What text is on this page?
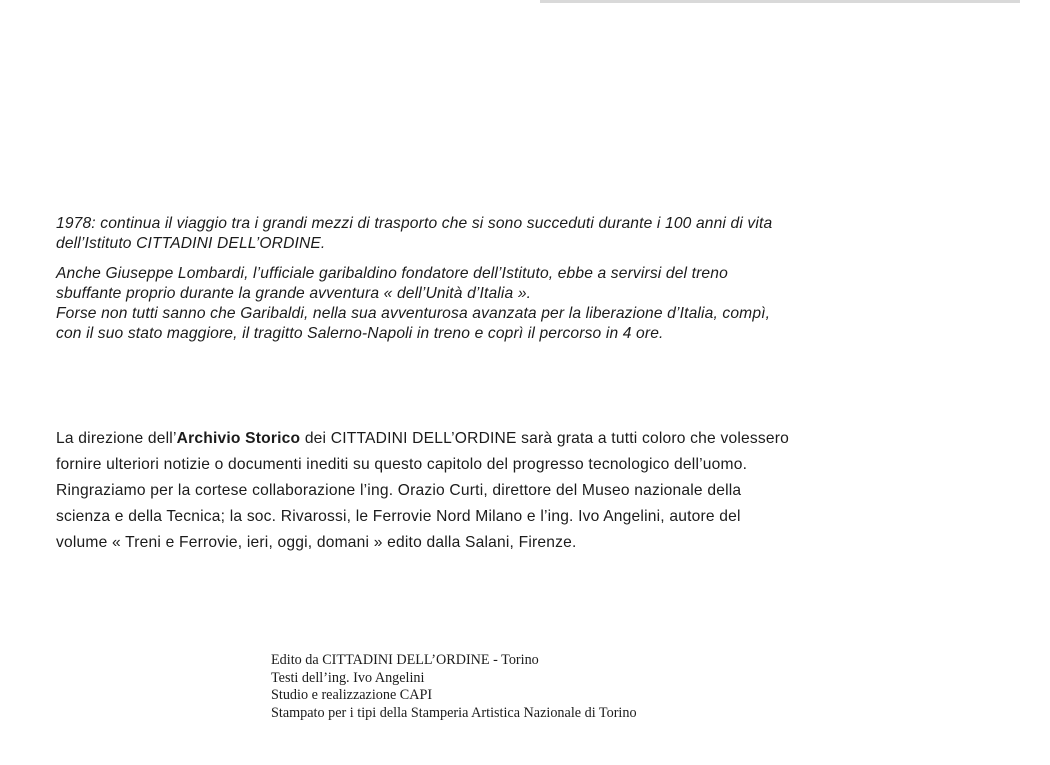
1978: continua il viaggio tra i grandi mezzi di trasporto che si sono succeduti durante i 100 anni di vita
dell’Istituto CITTADINI DELL’ORDINE.

Anche Giuseppe Lombardi, l’ufficiale garibaldino fondatore dell’Istituto, ebbe a servirsi del treno
sbuffante proprio durante la grande avventura « dell’Unità d’Italia ».

Forse non tutti sanno che Garibaldi, nella sua avventurosa avanzata per la liberazione d’Italia, compì,
con il suo stato maggiore, il tragitto Salerno-Napoli in treno e coprì il percorso in 4 ore.

La direzione dell’Archivio Storico dei CITTADINI DELL’ORDINE sarà grata a tutti coloro che volessero
fornire ulteriori notizie o documenti inediti su questo capitolo del progresso tecnologico dell’uomo.
Ringraziamo per la cortese collaborazione l’ing. Orazio Curti, direttore del Museo nazionale della
scienza e della Tecnica; la soc. Rivarossi, le Ferrovie Nord Milano e l’ing. Ivo Angelini, autore del
volume « Treni e Ferrovie, ieri, oggi, domani » edito dalla Salani, Firenze.
Edito da CITTADINI DELL’ORDINE - Torino
Testi dell’ing. Ivo Angelini
Studio e realizzazione CAPI
Stampato per i tipi della Stamperia Artistica Nazionale di Torino
